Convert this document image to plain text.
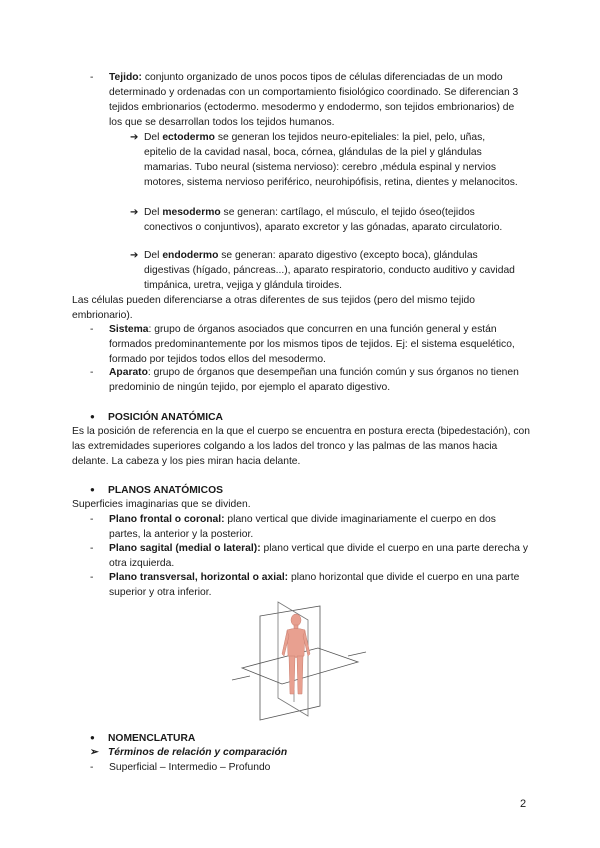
- Tejido: conjunto organizado de unos pocos tipos de células diferenciadas de un modo determinado y ordenadas con un comportamiento fisiológico coordinado. Se diferencian 3 tejidos embrionarios (ectodermo. mesodermo y endodermo, son tejidos embrionarios) de los que se desarrollan todos los tejidos humanos.
➔ Del ectodermo se generan los tejidos neuro-epiteliales: la piel, pelo, uñas, epitelio de la cavidad nasal, boca, córnea, glándulas de la piel y glándulas mamarias. Tubo neural (sistema nervioso): cerebro ,médula espinal y nervios motores, sistema nervioso periférico, neurohipófisis, retina, dientes y melanocitos.
➔ Del mesodermo se generan: cartílago, el músculo, el tejido óseo(tejidos conectivos o conjuntivos), aparato excretor y las gónadas, aparato circulatorio.
➔ Del endodermo se generan: aparato digestivo (excepto boca), glándulas digestivas (hígado, páncreas...), aparato respiratorio, conducto auditivo y cavidad timpánica, uretra, vejiga y glándula tiroides.
Las células pueden diferenciarse a otras diferentes de sus tejidos (pero del mismo tejido embrionario).
- Sistema: grupo de órganos asociados que concurren en una función general y están formados predominantemente por los mismos tipos de tejidos. Ej: el sistema esquelético, formado por tejidos todos ellos del mesodermo.
- Aparato: grupo de órganos que desempeñan una función común y sus órganos no tienen predominio de ningún tejido, por ejemplo el aparato digestivo.
● POSICIÓN ANATÓMICA
Es la posición de referencia en la que el cuerpo se encuentra en postura erecta (bipedestación), con las extremidades superiores colgando a los lados del tronco y las palmas de las manos hacia delante. La cabeza y los pies miran hacia delante.
● PLANOS ANATÓMICOS
Superficies imaginarias que se dividen.
- Plano frontal o coronal: plano vertical que divide imaginariamente el cuerpo en dos partes, la anterior y la posterior.
- Plano sagital (medial o lateral): plano vertical que divide el cuerpo en una parte derecha y otra izquierda.
- Plano transversal, horizontal o axial: plano horizontal que divide el cuerpo en una parte superior y otra inferior.
● NOMENCLATURA
➢ Términos de relación y comparación
- Superficial – Intermedio – Profundo
2
